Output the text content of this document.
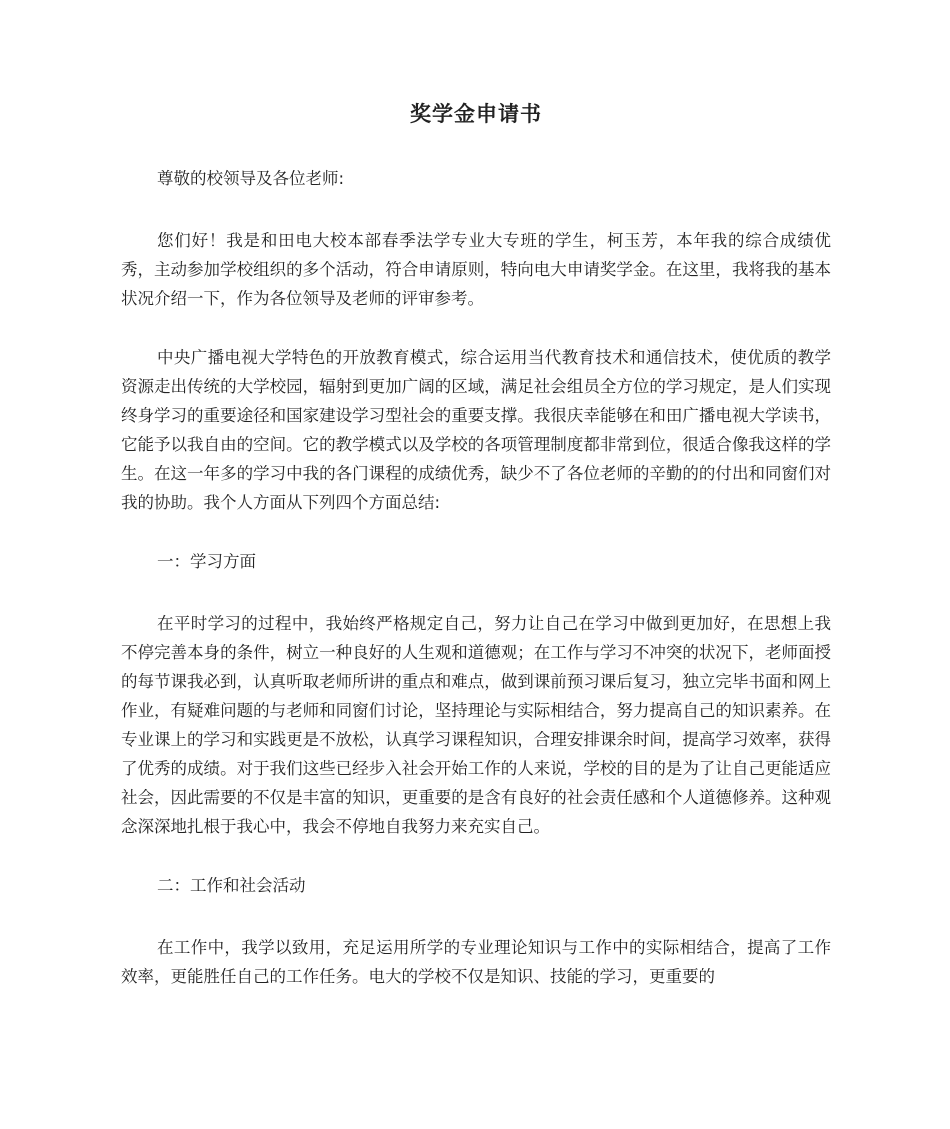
奖学金申请书

尊敬的校领导及各位老师:

您们好！我是和田电大校本部春季法学专业大专班的学生，柯玉芳，本年我的综合成绩优秀，主动参加学校组织的多个活动，符合申请原则，特向电大申请奖学金。在这里，我将我的基本状况介绍一下，作为各位领导及老师的评审参考。

中央广播电视大学特色的开放教育模式，综合运用当代教育技术和通信技术，使优质的教学资源走出传统的大学校园，辐射到更加广阔的区域，满足社会组员全方位的学习规定，是人们实现终身学习的重要途径和国家建设学习型社会的重要支撑。我很庆幸能够在和田广播电视大学读书，它能予以我自由的空间。它的教学模式以及学校的各项管理制度都非常到位，很适合像我这样的学生。在这一年多的学习中我的各门课程的成绩优秀，缺少不了各位老师的辛勤的的付出和同窗们对我的协助。我个人方面从下列四个方面总结:

一：学习方面

在平时学习的过程中，我始终严格规定自己，努力让自己在学习中做到更加好，在思想上我不停完善本身的条件，树立一种良好的人生观和道德观；在工作与学习不冲突的状况下，老师面授的每节课我必到，认真听取老师所讲的重点和难点，做到课前预习课后复习，独立完毕书面和网上作业，有疑难问题的与老师和同窗们讨论，坚持理论与实际相结合，努力提高自己的知识素养。在专业课上的学习和实践更是不放松，认真学习课程知识，合理安排课余时间，提高学习效率，获得了优秀的成绩。对于我们这些已经步入社会开始工作的人来说，学校的目的是为了让自己更能适应社会，因此需要的不仅是丰富的知识，更重要的是含有良好的社会责任感和个人道德修养。这种观念深深地扎根于我心中，我会不停地自我努力来充实自己。

二：工作和社会活动

在工作中，我学以致用，充足运用所学的专业理论知识与工作中的实际相结合，提高了工作效率，更能胜任自己的工作任务。电大的学校不仅是知识、技能的学习，更重要的
